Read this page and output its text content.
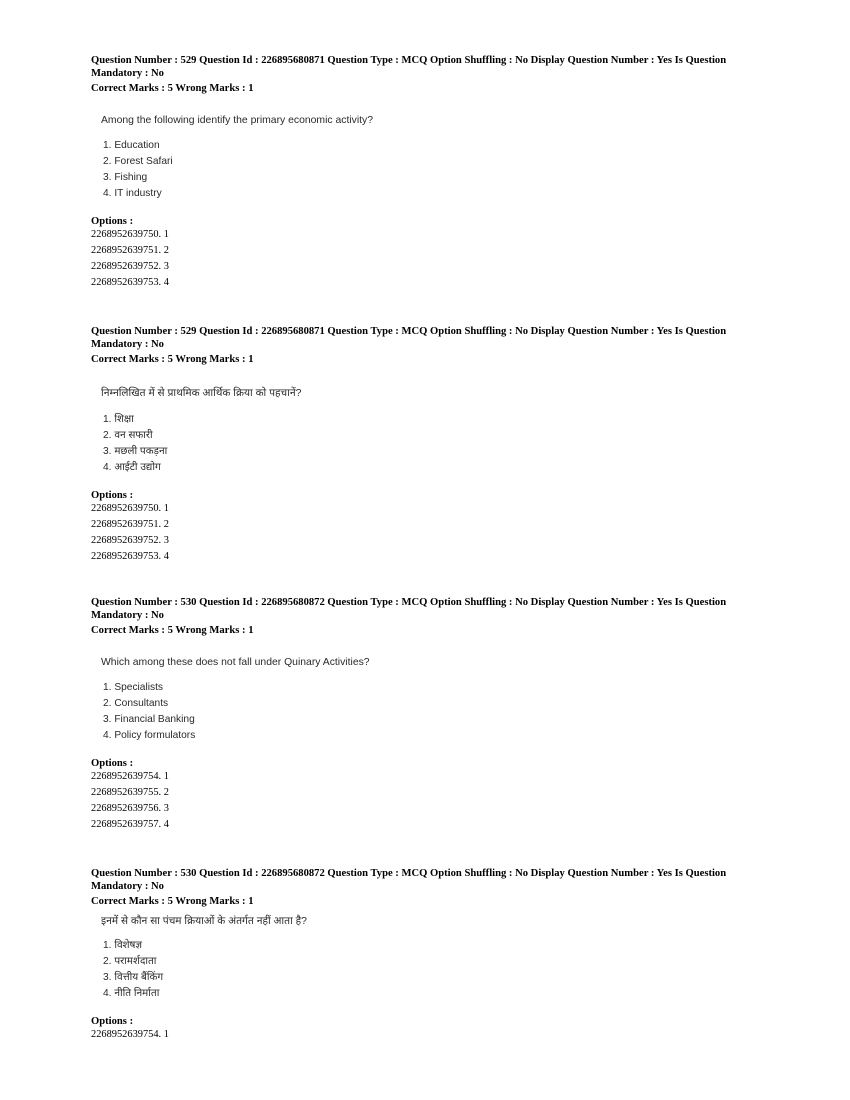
Question Number : 529 Question Id : 226895680871 Question Type : MCQ Option Shuffling : No Display Question Number : Yes Is Question
Mandatory : No
Correct Marks : 5 Wrong Marks : 1
Among the following identify the primary economic activity?
1. Education
2. Forest Safari
3. Fishing
4. IT industry
Options :
2268952639750. 1
2268952639751. 2
2268952639752. 3
2268952639753. 4
Question Number : 529 Question Id : 226895680871 Question Type : MCQ Option Shuffling : No Display Question Number : Yes Is Question
Mandatory : No
Correct Marks : 5 Wrong Marks : 1
निम्नलिखित में से प्राथमिक आर्थिक क्रिया को पहचानें?
1. शिक्षा
2. वन सफारी
3. मछली पकड़ना
4. आईटी उद्योग
Options :
2268952639750. 1
2268952639751. 2
2268952639752. 3
2268952639753. 4
Question Number : 530 Question Id : 226895680872 Question Type : MCQ Option Shuffling : No Display Question Number : Yes Is Question
Mandatory : No
Correct Marks : 5 Wrong Marks : 1
Which among these does not fall under Quinary Activities?
1. Specialists
2. Consultants
3. Financial Banking
4. Policy formulators
Options :
2268952639754. 1
2268952639755. 2
2268952639756. 3
2268952639757. 4
Question Number : 530 Question Id : 226895680872 Question Type : MCQ Option Shuffling : No Display Question Number : Yes Is Question
Mandatory : No
Correct Marks : 5 Wrong Marks : 1
इनमें से कौन सा पंचम क्रियाओं के अंतर्गत नहीं आता है?
1. विशेषज्ञ
2. परामर्शदाता
3. वित्तीय बैंकिंग
4. नीति निर्माता
Options :
2268952639754. 1
